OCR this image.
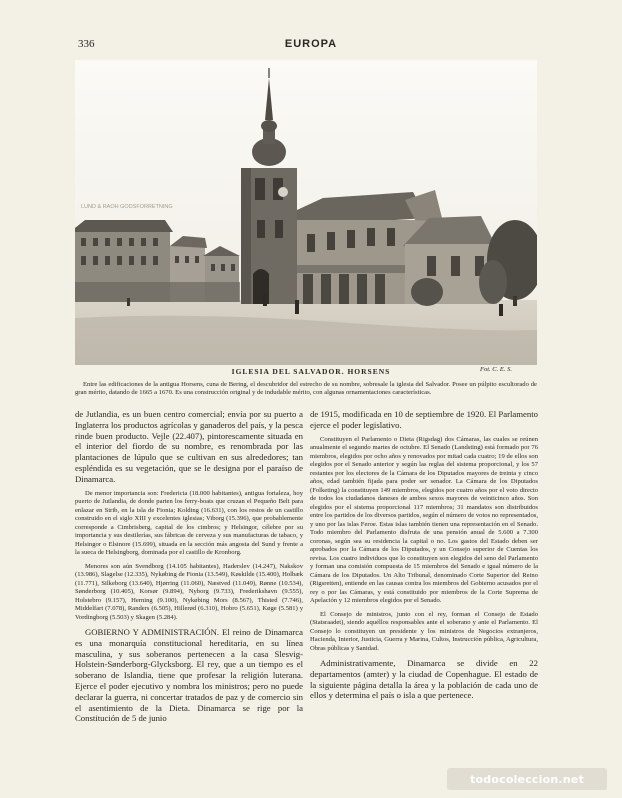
336	EUROPA
LUND & RAOH GODSFORRETNING
Fot. C. E. S.
IGLESIA DEL SALVADOR. HORSENS

Entre las edificaciones de la antigua Horsens, cuna de Bering, el descubridor del estrecho de su nombre, sobresale la iglesia del Salvador. Posee un púlpito escultorado de gran mérito, datando de 1665 a 1670. Es una construcción original y de indudable mérito, con algunas ornamentaciones características.

de Jutlandia, es un buen centro comercial; envía por su puerto a Inglaterra los productos agrícolas y ganaderos del país, y la pesca rinde buen producto. Vejle (22.407), pintorescamente situada en el interior del fiordo de su nombre, es renombrada por las plantaciones de lúpulo que se cultivan en sus alrededores; tan espléndida es su vegetación, que se le designa por el paraíso de Dinamarca.

De menor importancia son: Fredericia (18.000 habitantes), antigua fortaleza, hoy puerto de Jutlandia, de donde parten los ferry-boats que cruzan el Pequeño Belt para enlazar en Strib, en la isla de Fionia; Kolding (16.631), con los restos de un castillo construido en el siglo XIII y excelentes iglesias; Viborg (15.396), que probablemente corresponde a Cimbrisberg, capital de los cimbros; y Helsingor, célebre por su importancia y sus destilerías, sus fábricas de cerveza y sus manufacturas de tabaco, y Helsingor o Elsinore (15.699), situada en la sección más angosta del Sund y frente a la sueca de Helsingborg, dominada por el castillo de Kronborg.

Menores son aún Svendborg (14.105 habitantes), Haderslev (14.247), Nakskov (13.986), Slagelse (12.335), Nykøbing de Fionia (13.549), Køskilde (15.400), Holbæk (11.771), Silkeborg (13.640), Hjørring (11.060), Næstved (11.049), Rønne (10.534), Sønderborg (10.405), Korsør (9.894), Nyborg (9.733), Frederikshavn (9.555), Holstebro (9.157), Herning (9.100), Nykøbing Mors (8.567), Thisted (7.746), Middelfart (7.078), Randers (6.505), Hillerød (6.310), Hobro (5.651), Køge (5.581) y Vordingborg (5.503) y Skagen (5.284).

GOBIERNO Y ADMINISTRACIÓN. El reino de Dinamarca es una monarquía constitucional hereditaria, en su línea masculina, y sus soberanos pertenecen a la casa Slesvig-Holstein-Sønderborg-Glycksborg. El rey, que a un tiempo es el soberano de Islandia, tiene que profesar la religión luterana. Ejerce el poder ejecutivo y nombra los ministros; pero no puede declarar la guerra, ni concertar tratados de paz y de comercio sin el asentimiento de la Dieta. Dinamarca se rige por la Constitución de 5 de junio

de 1915, modificada en 10 de septiembre de 1920. El Parlamento ejerce el poder legislativo.

Constituyen el Parlamento o Dieta (Rigsdag) dos Cámaras, las cuales se reúnen anualmente el segundo martes de octubre. El Senado (Landsting) está formado por 76 miembros, elegidos por ocho años y renovados por mitad cada cuatro; 19 de ellos son elegidos por el Senado anterior y según las reglas del sistema proporcional, y los 57 restantes por los electores de la Cámara de los Diputados mayores de treinta y cinco años, edad también fijada para poder ser senador. La Cámara de los Diputados (Folketing) la constituyen 149 miembros, elegidos por cuatro años por el voto directo de todos los ciudadanos daneses de ambos sexos mayores de veinticinco años. Son elegidos por el sistema proporcional 117 miembros; 31 mandatos son distribuidos entre los partidos de los diversos partidos, según el número de votos no representados, y uno por las islas Feroe. Estas islas también tienen una representación en el Senado. Todo miembro del Parlamento disfruta de una pensión anual de 5.600 a 7.300 coronas, según sea su residencia la capital o no. Los gastos del Estado deben ser aprobados por la Cámara de los Diputados, y un Consejo superior de Cuentas los revisa. Los cuatro individuos que lo constituyen son elegidos del seno del Parlamento y forman una comisión compuesta de 15 miembros del Senado e igual número de la Cámara de los Diputados. Un Alto Tribunal, denominado Corte Superior del Reino (Rigsretten), entiende en las causas contra los miembros del Gobierno acusados por el rey o por las Cámaras, y está constituido por miembros de la Corte Suprema de Apelación y 12 miembros elegidos por el Senado.

El Consejo de ministros, junto con el rey, forman el Consejo de Estado (Statsraadet), siendo aquéllos responsables ante el soberano y ante el Parlamento. El Consejo lo constituyen un presidente y los ministros de Negocios extranjeros, Hacienda, Interior, Justicia, Guerra y Marina, Cultos, Instrucción pública, Agricultura, Obras públicas y Sanidad.

Administrativamente, Dinamarca se divide en 22 departamentos (amter) y la ciudad de Copenhague. El estado de la siguiente página detalla la área y la población de cada uno de ellos y determina el país o isla a que pertenece.

todocoleccion.net
